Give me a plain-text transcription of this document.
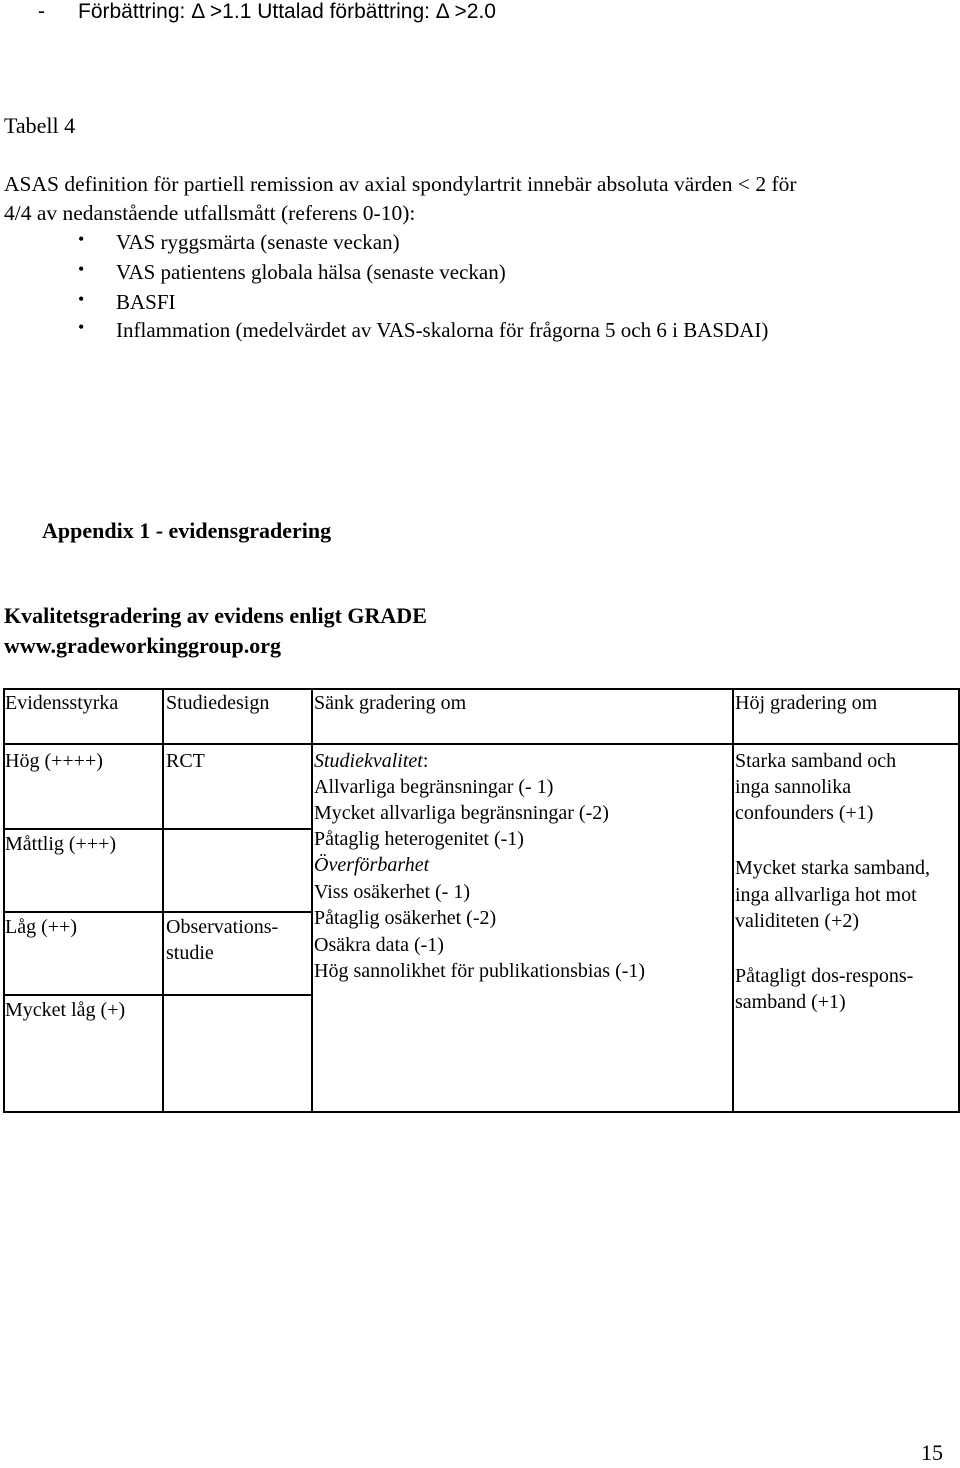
- Förbättring: Δ >1.1 Uttalad förbättring: Δ >2.0
Tabell 4
ASAS definition för partiell remission av axial spondylartrit innebär absoluta värden < 2 för
4/4 av nedanstående utfallsmått (referens 0-10):
• VAS ryggsmärta (senaste veckan)
• VAS patientens globala hälsa (senaste veckan)
• BASFI
• Inflammation (medelvärdet av VAS-skalorna för frågorna 5 och 6 i BASDAI)
Appendix 1 - evidensgradering
Kvalitetsgradering av evidens enligt GRADE
www.gradeworkinggroup.org
Evidensstyrka Studiedesign Sänk gradering om	Höj gradering om
Hög (++++)
Måttlig (+++)
Låg (++)
Mycket låg (+)
RCT
Observations-
studie
Studiekvalitet:
Allvarliga begränsningar (- 1)
Mycket allvarliga begränsningar (-2)
Påtaglig heterogenitet (-1)
Överförbarhet
Viss osäkerhet (- 1)
Påtaglig osäkerhet (-2)
Osäkra data (-1)
Hög sannolikhet för publikationsbias (-1)
Starka samband och
inga sannolika
confounders (+1)
Mycket starka samband,
inga allvarliga hot mot
validiteten (+2)
Påtagligt dos-respons-
samband (+1)
15
